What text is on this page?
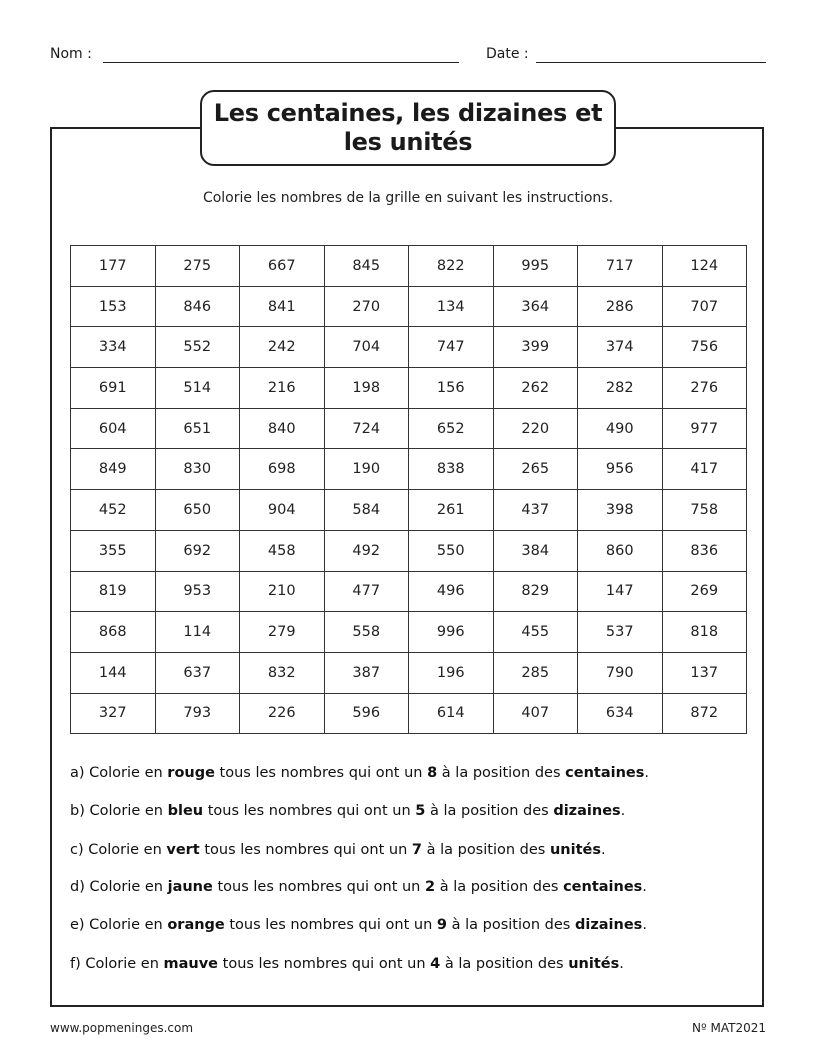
Nom :	Date :
Les centaines, les dizaines et
les unités
Colorie les nombres de la grille en suivant les instructions.
177	275	667	845	822	995	717	124
153	846	841	270	134	364	286	707
334	552	242	704	747	399	374	756
691	514	216	198	156	262	282	276
604	651	840	724	652	220	490	977
849	830	698	190	838	265	956	417
452	650	904	584	261	437	398	758
355	692	458	492	550	384	860	836
819	953	210	477	496	829	147	269
868	114	279	558	996	455	537	818
144	637	832	387	196	285	790	137
327	793	226	596	614	407	634	872
a) Colorie en rouge tous les nombres qui ont un 8 à la position des centaines.
b) Colorie en bleu tous les nombres qui ont un 5 à la position des dizaines.
c) Colorie en vert tous les nombres qui ont un 7 à la position des unités.
d) Colorie en jaune tous les nombres qui ont un 2 à la position des centaines.
e) Colorie en orange tous les nombres qui ont un 9 à la position des dizaines.
f) Colorie en mauve tous les nombres qui ont un 4 à la position des unités.
www.popmeninges.com	Nº MAT2021
